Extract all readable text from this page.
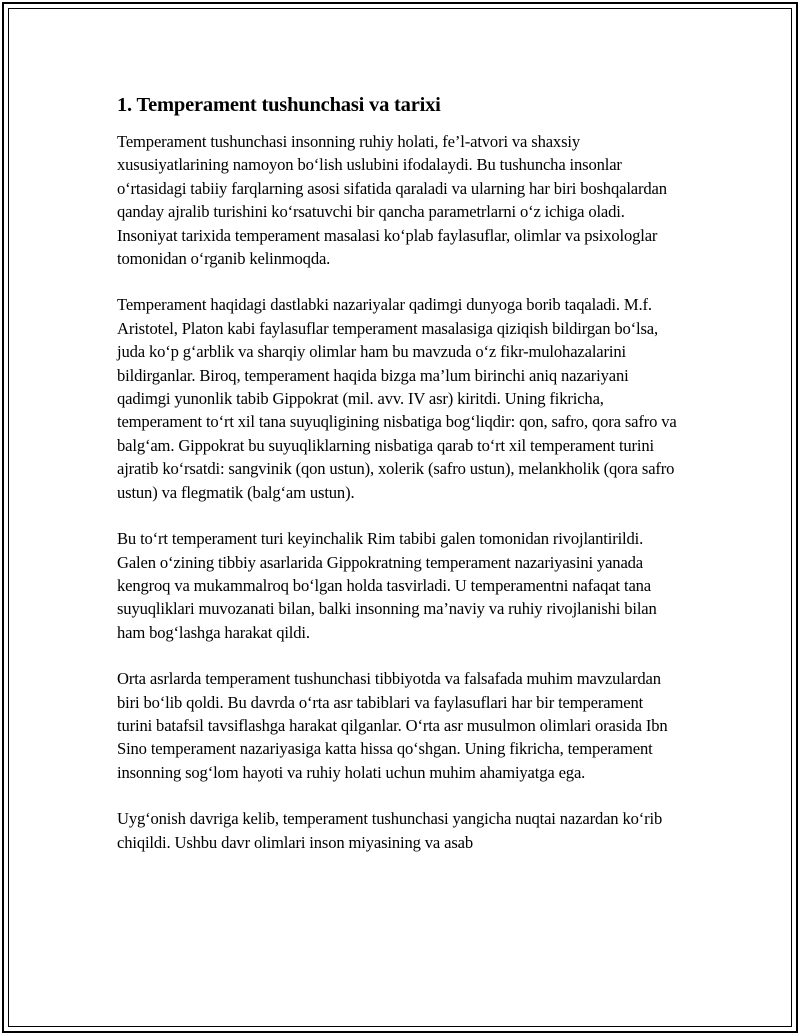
1. Temperament tushunchasi va tarixi

Temperament tushunchasi insonning ruhiy holati, fe’l-atvori va shaxsiy xususiyatlarining namoyon bo‘lish uslubini ifodalaydi. Bu tushuncha insonlar o‘rtasidagi tabiiy farqlarning asosi sifatida qaraladi va ularning har biri boshqalardan qanday ajralib turishini ko‘rsatuvchi bir qancha parametrlarni o‘z ichiga oladi. Insoniyat tarixida temperament masalasi ko‘plab faylasuflar, olimlar va psixologlar tomonidan o‘rganib kelinmoqda.

Temperament haqidagi dastlabki nazariyalar qadimgi dunyoga borib taqaladi. M.f. Aristotel, Platon kabi faylasuflar temperament masalasiga qiziqish bildirgan bo‘lsa, juda ko‘p g‘arblik va sharqiy olimlar ham bu mavzuda o‘z fikr-mulohazalarini bildirganlar. Biroq, temperament haqida bizga ma’lum birinchi aniq nazariyani qadimgi yunonlik tabib Gippokrat (mil. avv. IV asr) kiritdi. Uning fikricha, temperament to‘rt xil tana suyuqligining nisbatiga bog‘liqdir: qon, safro, qora safro va balg‘am. Gippokrat bu suyuqliklarning nisbatiga qarab to‘rt xil temperament turini ajratib ko‘rsatdi: sangvinik (qon ustun), xolerik (safro ustun), melankholik (qora safro ustun) va flegmatik (balg‘am ustun).

Bu to‘rt temperament turi keyinchalik Rim tabibi galen tomonidan rivojlantirildi. Galen o‘zining tibbiy asarlarida Gippokratning temperament nazariyasini yanada kengroq va mukammalroq bo‘lgan holda tasvirladi. U temperamentni nafaqat tana suyuqliklari muvozanati bilan, balki insonning ma’naviy va ruhiy rivojlanishi bilan ham bog‘lashga harakat qildi.

Orta asrlarda temperament tushunchasi tibbiyotda va falsafada muhim mavzulardan biri bo‘lib qoldi. Bu davrda o‘rta asr tabiblari va faylasuflari har bir temperament turini batafsil tavsiflashga harakat qilganlar. O‘rta asr musulmon olimlari orasida Ibn Sino temperament nazariyasiga katta hissa qo‘shgan. Uning fikricha, temperament insonning sog‘lom hayoti va ruhiy holati uchun muhim ahamiyatga ega.

Uyg‘onish davriga kelib, temperament tushunchasi yangicha nuqtai nazardan ko‘rib chiqildi. Ushbu davr olimlari inson miyasining va asab
